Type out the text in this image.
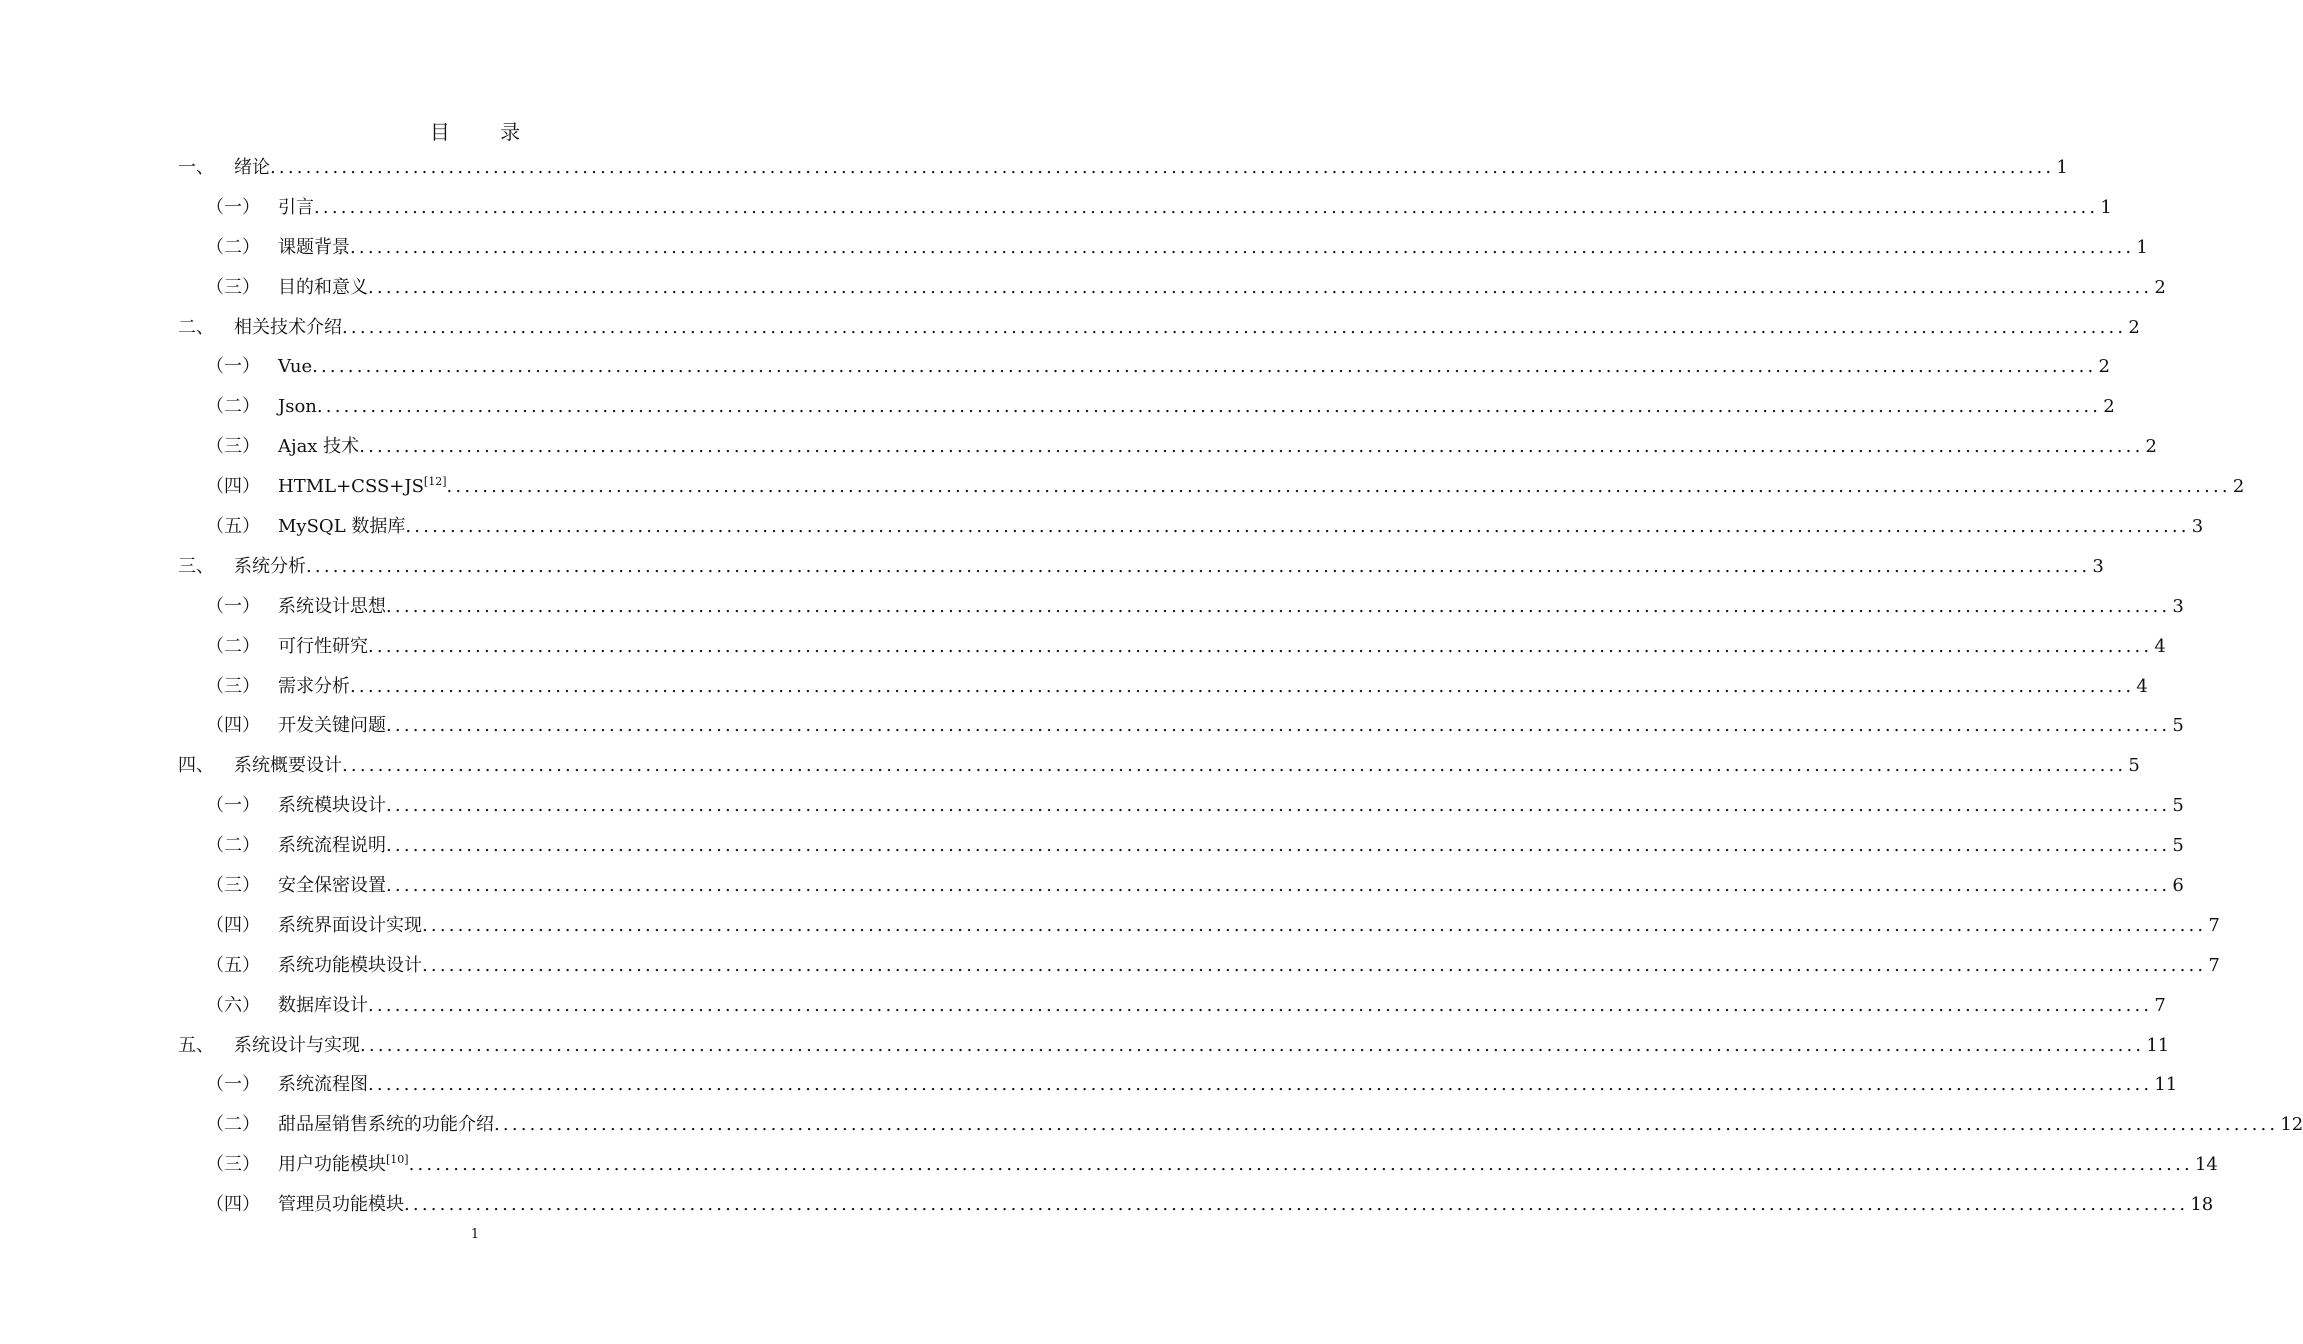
目 录
一、	绪论 ........................................................................................................................................................................................................ 1
（一）	引言 ........................................................................................................................................................................................................ 1
（二）	课题背景 ........................................................................................................................................................................................................ 1
（三）	目的和意义 ........................................................................................................................................................................................................ 2
二、	相关技术介绍 ........................................................................................................................................................................................................ 2
（一）	Vue ........................................................................................................................................................................................................ 2
（二）	Json ........................................................................................................................................................................................................ 2
（三）	Ajax 技术 ........................................................................................................................................................................................................ 2
（四）	HTML+CSS+JS[12] ........................................................................................................................................................................................................ 2
（五）	MySQL 数据库 ........................................................................................................................................................................................................ 3
三、	系统分析 ........................................................................................................................................................................................................ 3
（一）	系统设计思想 ........................................................................................................................................................................................................ 3
（二）	可行性研究 ........................................................................................................................................................................................................ 4
（三）	需求分析 ........................................................................................................................................................................................................ 4
（四）	开发关键问题 ........................................................................................................................................................................................................ 5
四、	系统概要设计 ........................................................................................................................................................................................................ 5
（一）	系统模块设计 ........................................................................................................................................................................................................ 5
（二）	系统流程说明 ........................................................................................................................................................................................................ 5
（三）	安全保密设置 ........................................................................................................................................................................................................ 6
（四）	系统界面设计实现 ........................................................................................................................................................................................................ 7
（五）	系统功能模块设计 ........................................................................................................................................................................................................ 7
（六）	数据库设计 ........................................................................................................................................................................................................ 7
五、	系统设计与实现 ........................................................................................................................................................................................................ 11
（一）	系统流程图 ........................................................................................................................................................................................................ 11
（二）	甜品屋销售系统的功能介绍 ........................................................................................................................................................................................................ 12
（三）	用户功能模块[10] ........................................................................................................................................................................................................ 14
（四）	管理员功能模块 ........................................................................................................................................................................................................ 18
1
